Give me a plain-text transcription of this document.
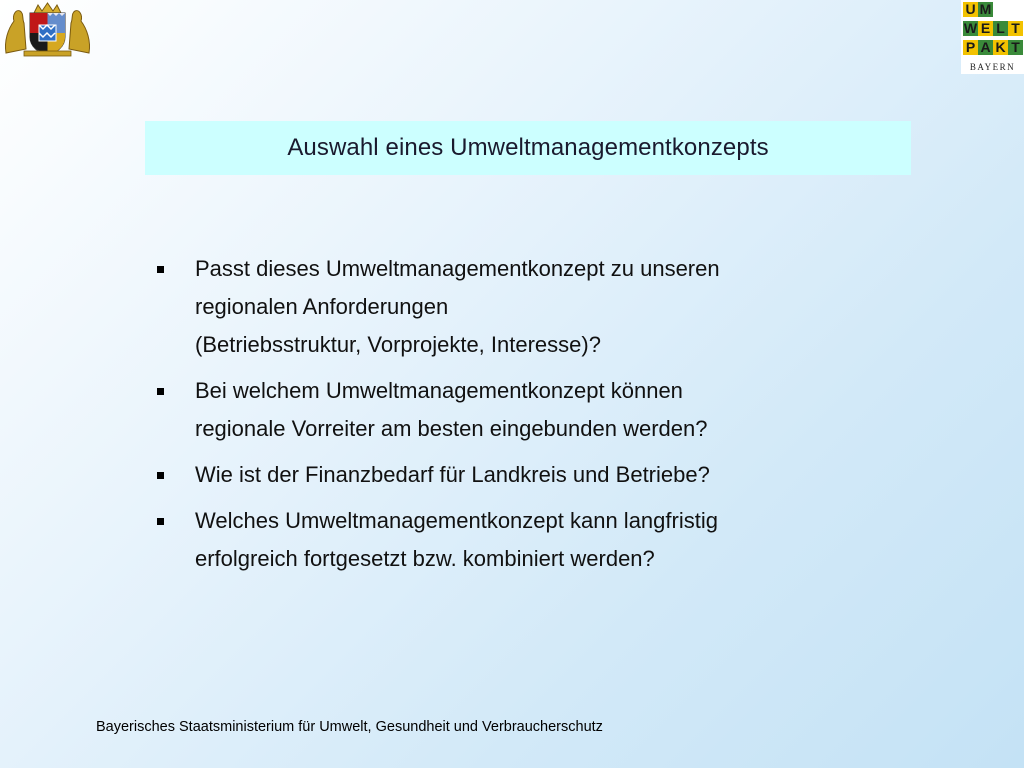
U M
W E L T
P A K T
BAYERN
Auswahl eines Umweltmanagementkonzepts
Passt dieses Umweltmanagementkonzept zu unseren
regionalen Anforderungen
(Betriebsstruktur, Vorprojekte, Interesse)?
Bei welchem Umweltmanagementkonzept können
regionale Vorreiter am besten eingebunden werden?
Wie ist der Finanzbedarf für Landkreis und Betriebe?
Welches Umweltmanagementkonzept kann langfristig
erfolgreich fortgesetzt bzw. kombiniert werden?
Bayerisches Staatsministerium für Umwelt, Gesundheit und Verbraucherschutz
